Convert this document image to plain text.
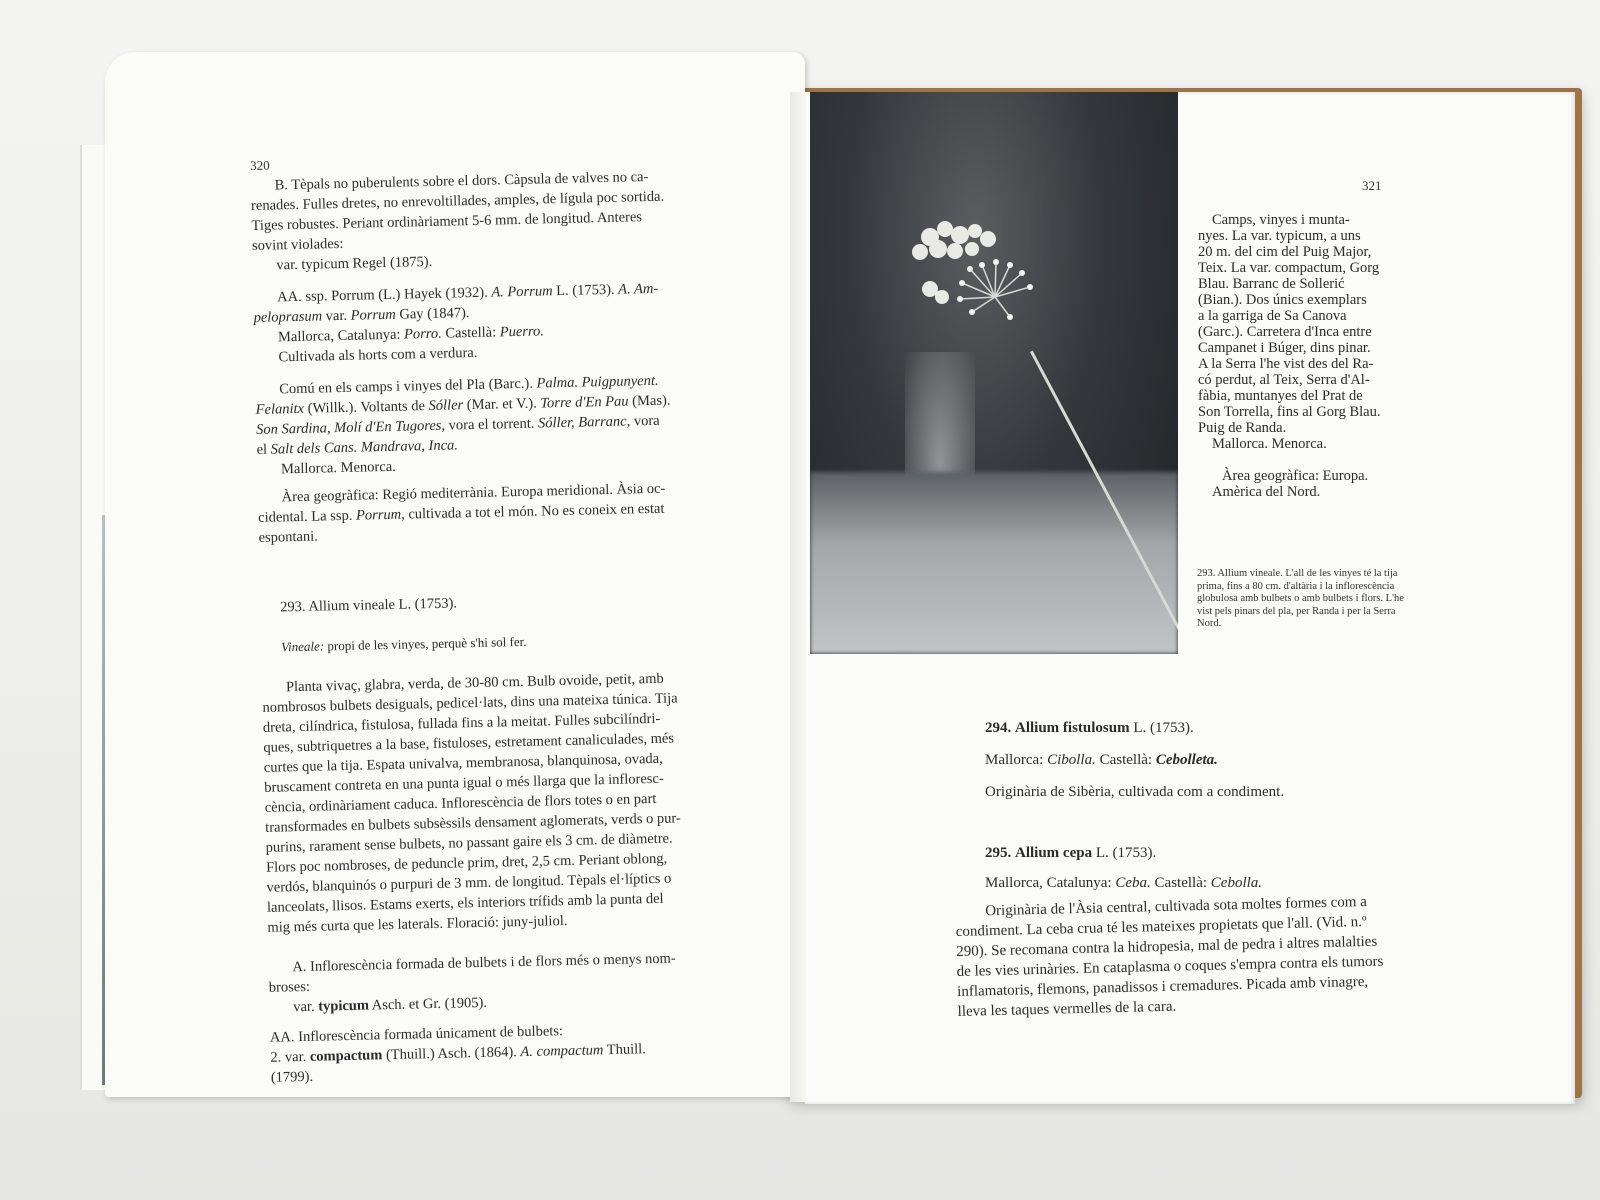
320

B. Tèpals no puberulents sobre el dors. Càpsula de valves no ca-

renades. Fulles dretes, no enrevoltillades, amples, de lígula poc sortida.

Tiges robustes. Periant ordinàriament 5-6 mm. de longitud. Anteres

sovint violades:

var. typicum Regel (1875).

AA. ssp. Porrum (L.) Hayek (1932). A. Porrum L. (1753). A. Am-

peloprasum var. Porrum Gay (1847).

Mallorca, Catalunya: Porro. Castellà: Puerro.

Cultivada als horts com a verdura.

Comú en els camps i vinyes del Pla (Barc.). Palma. Puigpunyent.

Felanitx (Willk.). Voltants de Sóller (Mar. et V.). Torre d'En Pau (Mas).

Son Sardina, Molí d'En Tugores, vora el torrent. Sóller, Barranc, vora

el Salt dels Cans. Mandrava, Inca.

Mallorca. Menorca.

Àrea geogràfica: Regió mediterrània. Europa meridional. Àsia oc-

cidental. La ssp. Porrum, cultivada a tot el món. No es coneix en estat

espontani.

293. Allium vineale L. (1753).
Vineale: propi de les vinyes, perquè s'hi sol fer.

Planta vivaç, glabra, verda, de 30-80 cm. Bulb ovoide, petit, amb

nombrosos bulbets desiguals, pedicel·lats, dins una mateixa túnica. Tija

dreta, cilíndrica, fistulosa, fullada fins a la meitat. Fulles subcilíndri-

ques, subtriquetres a la base, fistuloses, estretament canaliculades, més

curtes que la tija. Espata univalva, membranosa, blanquinosa, ovada,

bruscament contreta en una punta igual o més llarga que la infloresc-

cència, ordinàriament caduca. Inflorescència de flors totes o en part

transformades en bulbets subsèssils densament aglomerats, verds o pur-

purins, rarament sense bulbets, no passant gaire els 3 cm. de diàmetre.

Flors poc nombroses, de peduncle prim, dret, 2,5 cm. Periant oblong,

verdós, blanquinós o purpuri de 3 mm. de longitud. Tèpals el·líptics o

lanceolats, llisos. Estams exerts, els interiors trífids amb la punta del

mig més curta que les laterals. Floració: juny-juliol.

A. Inflorescència formada de bulbets i de flors més o menys nom-

broses:

var. typicum Asch. et Gr. (1905).

AA. Inflorescència formada únicament de bulbets:

2. var. compactum (Thuill.) Asch. (1864). A. compactum Thuill.

(1799).

321

Camps, vinyes i munta-

nyes. La var. typicum, a uns

20 m. del cim del Puig Major,

Teix. La var. compactum, Gorg

Blau. Barranc de Sollerić

(Bian.). Dos únics exemplars

a la garriga de Sa Canova

(Garc.). Carretera d'Inca entre

Campanet i Búger, dins pinar.

A la Serra l'he vist des del Ra-

có perdut, al Teix, Serra d'Al-

fàbia, muntanyes del Prat de

Son Torrella, fins al Gorg Blau.

Puig de Randa.

Mallorca. Menorca.

Àrea geogràfica: Europa.

Amèrica del Nord.

293. Allium vineale. L'all de les vinyes té la tija prima, fins a 80 cm. d'altària i la inflorescència globulosa amb bulbets o amb bulbets i flors. L'he vist pels pinars del pla, per Randa i per la Serra Nord.
294. Allium fistulosum L. (1753).
Mallorca: Cibolla. Castellà: Cebolleta.
Originària de Sibèria, cultivada com a condiment.
295. Allium cepa L. (1753).
Mallorca, Catalunya: Ceba. Castellà: Cebolla.

Originària de l'Àsia central, cultivada sota moltes formes com a

condiment. La ceba crua té les mateixes propietats que l'all. (Vid. n.º

290). Se recomana contra la hidropesia, mal de pedra i altres malalties

de les vies urinàries. En cataplasma o coques s'empra contra els tumors

inflamatoris, flemons, panadissos i cremadures. Picada amb vinagre,

lleva les taques vermelles de la cara.
